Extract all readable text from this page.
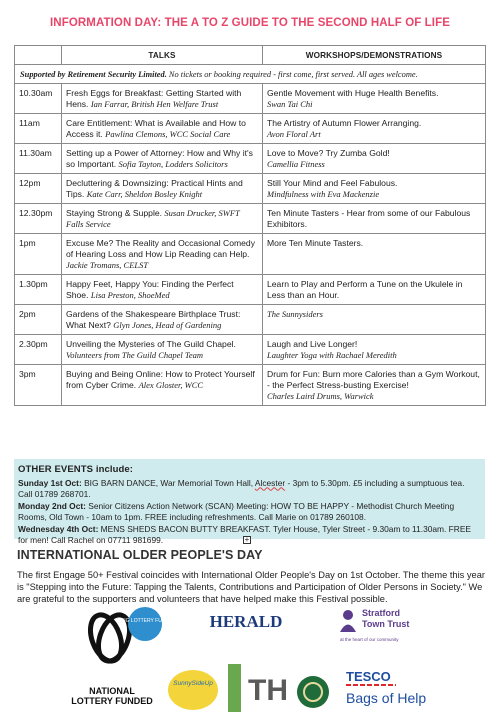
INFORMATION DAY: THE A TO Z GUIDE TO THE SECOND HALF OF LIFE
	TALKS	WORKSHOPS/DEMONSTRATIONS
Supported by Retirement Security Limited. No tickets or booking required - first come, first served. All ages welcome.		
10.30am	Fresh Eggs for Breakfast: Getting Started with Hens. Ian Farrar, British Hen Welfare Trust	Gentle Movement with Huge Health Benefits.
Swan Tai Chi
11am	Care Entitlement: What is Available and How to Access it. Pawlina Clemons, WCC Social Care	The Artistry of Autumn Flower Arranging.
Avon Floral Art
11.30am	Setting up a Power of Attorney: How and Why it's so Important. Sofia Tayton, Lodders Solicitors	Love to Move? Try Zumba Gold!
Camellia Fitness
12pm	Decluttering & Downsizing: Practical Hints and Tips. Kate Carr, Sheldon Bosley Knight	Still Your Mind and Feel Fabulous.
Mindfulness with Eva Mackenzie
12.30pm	Staying Strong & Supple. Susan Drucker, SWFT Falls Service	Ten Minute Tasters - Hear from some of our Fabulous Exhibitors.

1pm	Excuse Me? The Reality and Occasional Comedy of Hearing Loss and How Lip Reading can Help. Jackie Tromans, CELST	More Ten Minute Tasters.

1.30pm	Happy Feet, Happy You: Finding the Perfect Shoe. Lisa Preston, ShoeMed	Learn to Play and Perform a Tune on the Ukulele in Less than an Hour.

2pm	Gardens of the Shakespeare Birthplace Trust: What Next? Glyn Jones, Head of Gardening	The Sunnysiders
2.30pm	Unveiling the Mysteries of The Guild Chapel. Volunteers from The Guild Chapel Team	Laugh and Live Longer!
Laughter Yoga with Rachael Meredith
3pm	Buying and Being Online: How to Protect Yourself from Cyber Crime. Alex Gloster, WCC	Drum for Fun: Burn more Calories than a Gym Workout, - the Perfect Stress-busting Exercise!
Charles Laird Drums, Warwick
OTHER EVENTS include:
Sunday 1st Oct: BIG BARN DANCE, War Memorial Town Hall, Alcester - 3pm to 5.30pm. £5 including a sumptuous tea. Call 01789 268701.
Monday 2nd Oct: Senior Citizens Action Network (SCAN) Meeting: HOW TO BE HAPPY - Methodist Church Meeting Rooms, Old Town - 10am to 1pm. FREE including refreshments. Call Marie on 01789 260108.
Wednesday 4th Oct: MENS SHEDS BACON BUTTY BREAKFAST. Tyler House, Tyler Street - 9.30am to 11.30am. FREE for men! Call Rachel on 07711 981699.	+
INTERNATIONAL OLDER PEOPLE'S DAY
The first Engage 50+ Festival coincides with International Older People's Day on 1st October. The theme this year is "Stepping into the Future: Tapping the Talents, Contributions and Participation of Older Persons in Society." We are grateful to the supporters and volunteers that have helped make this Festival possible.
BIG LOTTERY FUND
NATIONAL
LOTTERY FUNDED
HERALD
SunnySideUp TH
Stratford
Town Trust
at the heart of our community
TESCO
Bags of Help
